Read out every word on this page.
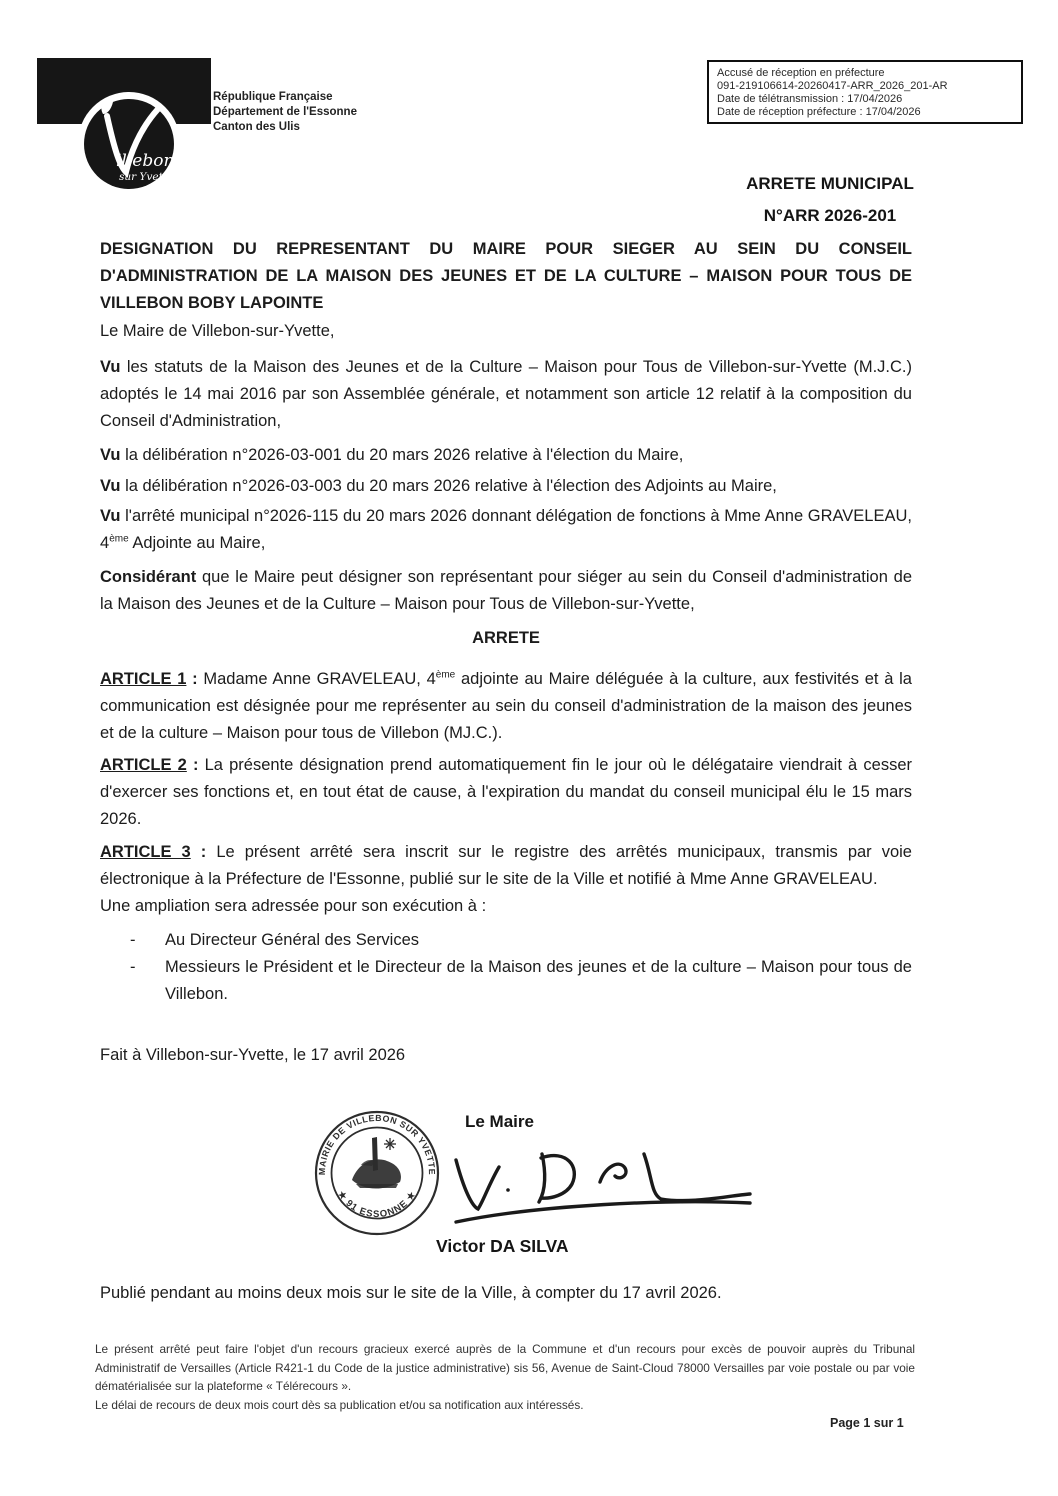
illebon
sur Yvette
République Française
Département de l'Essonne
Canton des Ulis
Accusé de réception en préfecture
091-219106614-20260417-ARR_2026_201-AR
Date de télétransmission : 17/04/2026
Date de réception préfecture : 17/04/2026
ARRETE MUNICIPAL
N°ARR 2026-201

DESIGNATION DU REPRESENTANT DU MAIRE POUR SIEGER AU SEIN DU CONSEIL D'ADMINISTRATION DE LA MAISON DES JEUNES ET DE LA CULTURE – MAISON POUR TOUS DE VILLEBON BOBY LAPOINTE

Le Maire de Villebon-sur-Yvette,

Vu les statuts de la Maison des Jeunes et de la Culture – Maison pour Tous de Villebon-sur-Yvette (M.J.C.) adoptés le 14 mai 2016 par son Assemblée générale, et notamment son article 12 relatif à la composition du Conseil d'Administration,

Vu la délibération n°2026-03-001 du 20 mars 2026 relative à l'élection du Maire,

Vu la délibération n°2026-03-003 du 20 mars 2026 relative à l'élection des Adjoints au Maire,

Vu l'arrêté municipal n°2026-115 du 20 mars 2026 donnant délégation de fonctions à Mme Anne GRAVELEAU, 4ème Adjointe au Maire,

Considérant que le Maire peut désigner son représentant pour siéger au sein du Conseil d'administration de la Maison des Jeunes et de la Culture – Maison pour Tous de Villebon-sur-Yvette,

ARRETE

ARTICLE 1 : Madame Anne GRAVELEAU, 4ème adjointe au Maire déléguée à la culture, aux festivités et à la communication est désignée pour me représenter au sein du conseil d'administration de la maison des jeunes et de la culture – Maison pour tous de Villebon (MJ.C.).

ARTICLE 2 : La présente désignation prend automatiquement fin le jour où le délégataire viendrait à cesser d'exercer ses fonctions et, en tout état de cause, à l'expiration du mandat du conseil municipal élu le 15 mars 2026.

ARTICLE 3 : Le présent arrêté sera inscrit sur le registre des arrêtés municipaux, transmis par voie électronique à la Préfecture de l'Essonne, publié sur le site de la Ville et notifié à Mme Anne GRAVELEAU.

Une ampliation sera adressée pour son exécution à :

-	Au Directeur Général des Services
-	Messieurs le Président et le Directeur de la Maison des jeunes et de la culture – Maison pour tous de Villebon.

Fait à Villebon-sur-Yvette, le 17 avril 2026

MAIRIE DE VILLEBON SUR YVETTE
★ 91 ESSONNE ★
Le Maire
Victor DA SILVA

Publié pendant au moins deux mois sur le site de la Ville, à compter du 17 avril 2026.

Le présent arrêté peut faire l'objet d'un recours gracieux exercé auprès de la Commune et d'un recours pour excès de pouvoir auprès du Tribunal Administratif de Versailles (Article R421-1 du Code de la justice administrative) sis 56, Avenue de Saint-Cloud 78000 Versailles par voie postale ou par voie dématérialisée sur la plateforme « Télérecours ».

Le délai de recours de deux mois court dès sa publication et/ou sa notification aux intéressés.

Page 1 sur 1
